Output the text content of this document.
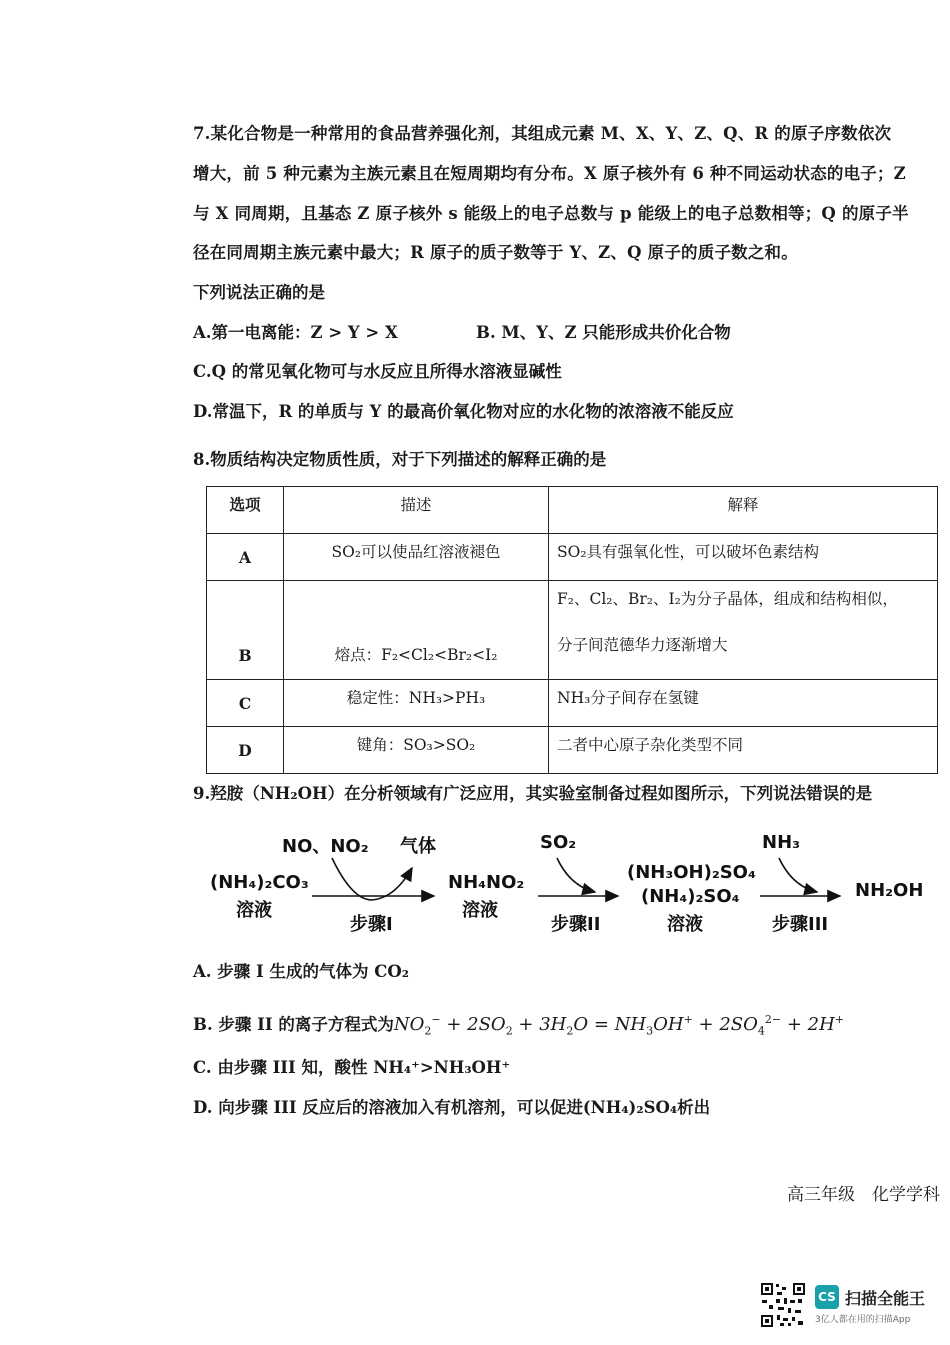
7.某化合物是一种常用的食品营养强化剂，其组成元素 M、X、Y、Z、Q、R 的原子序数依次
增大，前 5 种元素为主族元素且在短周期均有分布。X 原子核外有 6 种不同运动状态的电子；Z
与 X 同周期，且基态 Z 原子核外 s 能级上的电子总数与 p 能级上的电子总数相等；Q 的原子半
径在同周期主族元素中最大；R 原子的质子数等于 Y、Z、Q 原子的质子数之和。
下列说法正确的是
A.第一电离能：Z > Y > X	B. M、Y、Z 只能形成共价化合物
C.Q 的常见氧化物可与水反应且所得水溶液显碱性
D.常温下，R 的单质与 Y 的最高价氧化物对应的水化物的浓溶液不能反应
8.物质结构决定物质性质，对于下列描述的解释正确的是
选项	描述	解释
A	SO₂可以使品红溶液褪色	SO₂具有强氧化性，可以破坏色素结构
B	熔点：F₂<Cl₂<Br₂<I₂	F₂、Cl₂、Br₂、I₂为分子晶体，组成和结构相似，
分子间范德华力逐渐增大

C	稳定性：NH₃>PH₃	NH₃分子间存在氢键
D	键角：SO₃>SO₂	二者中心原子杂化类型不同
9.羟胺（NH₂OH）在分析领域有广泛应用，其实验室制备过程如图所示，下列说法错误的是
NO、NO₂ 气体
(NH₄)₂CO₃
溶液
步骤I
NH₄NO₂
溶液
SO₂
步骤II
(NH₃OH)₂SO₄
(NH₄)₂SO₄
溶液
NH₃
步骤III
NH₂OH
A. 步骤 I 生成的气体为 CO₂
B. 步骤 II 的离子方程式为$NO_2^- + 2SO_2 + 3H_2O = NH_3OH^+ + 2SO_4^{2-} + 2H^+$
C. 由步骤 III 知，酸性 NH₄⁺>NH₃OH⁺
D. 向步骤 III 反应后的溶液加入有机溶剂，可以促进(NH₄)₂SO₄析出
高三年级　化学学科
CS 扫描全能王
3亿人都在用的扫描App
